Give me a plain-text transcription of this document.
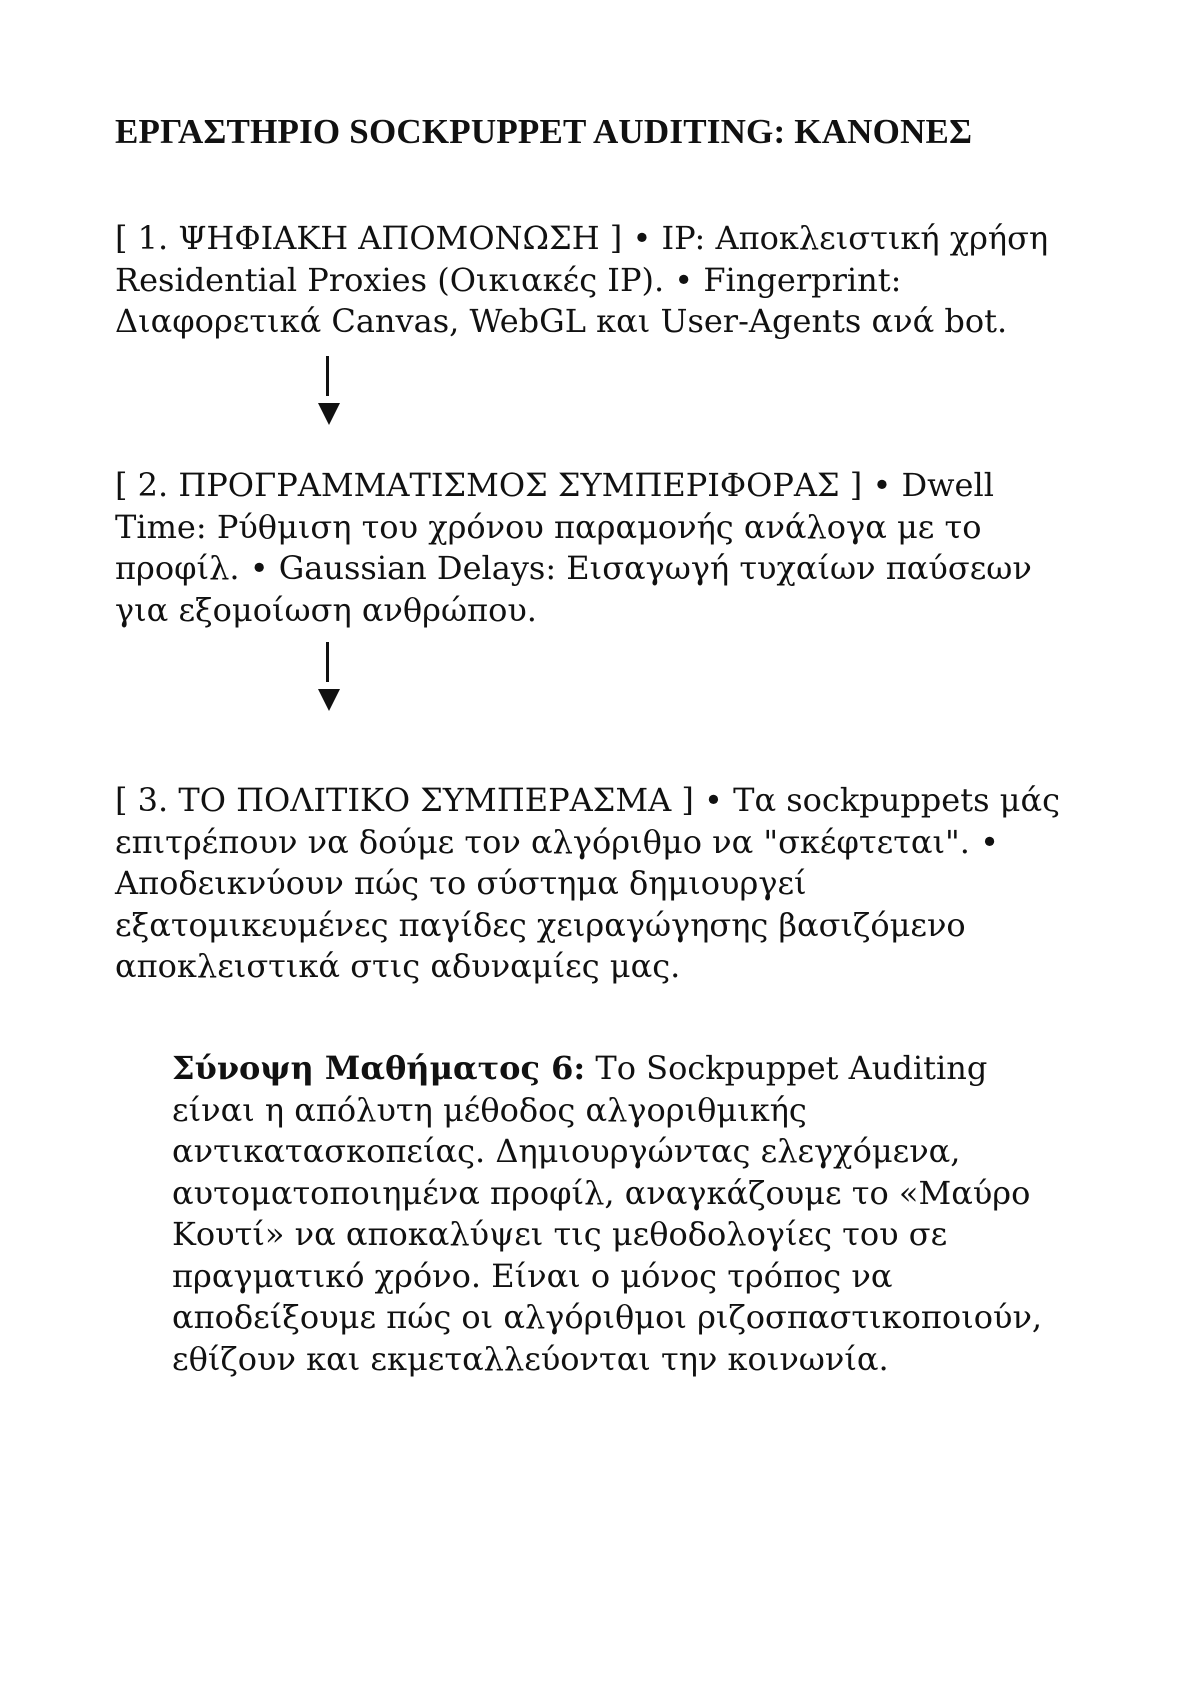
ΕΡΓΑΣΤΗΡΙΟ SOCKPUPPET AUDITING: ΚΑΝΟΝΕΣ

[ 1. ΨΗΦΙΑΚΗ ΑΠΟΜΟΝΩΣΗ ] • IP: Αποκλειστική χρήση Residential Proxies (Οικιακές IP). • Fingerprint: Διαφορετικά Canvas, WebGL και User-Agents ανά bot.

[ 2. ΠΡΟΓΡΑΜΜΑΤΙΣΜΟΣ ΣΥΜΠΕΡΙΦΟΡΑΣ ] • Dwell Time: Ρύθμιση του χρόνου παραμονής ανάλογα με το προφίλ. • Gaussian Delays: Εισαγωγή τυχαίων παύσεων για εξομοίωση ανθρώπου.

[ 3. ΤΟ ΠΟΛΙΤΙΚΟ ΣΥΜΠΕΡΑΣΜΑ ] • Τα sockpuppets μάς επιτρέπουν να δούμε τον αλγόριθμο να "σκέφτεται". • Αποδεικνύουν πώς το σύστημα δημιουργεί εξατομικευμένες παγίδες χειραγώγησης βασιζόμενο αποκλειστικά στις αδυναμίες μας.

Σύνοψη Μαθήματος 6: Το Sockpuppet Auditing είναι η απόλυτη μέθοδος αλγοριθμικής αντικατασκοπείας. Δημιουργώντας ελεγχόμενα, αυτοματοποιημένα προφίλ, αναγκάζουμε το «Μαύρο Κουτί» να αποκαλύψει τις μεθοδολογίες του σε πραγματικό χρόνο. Είναι ο μόνος τρόπος να αποδείξουμε πώς οι αλγόριθμοι ριζοσπαστικοποιούν, εθίζουν και εκμεταλλεύονται την κοινωνία.
